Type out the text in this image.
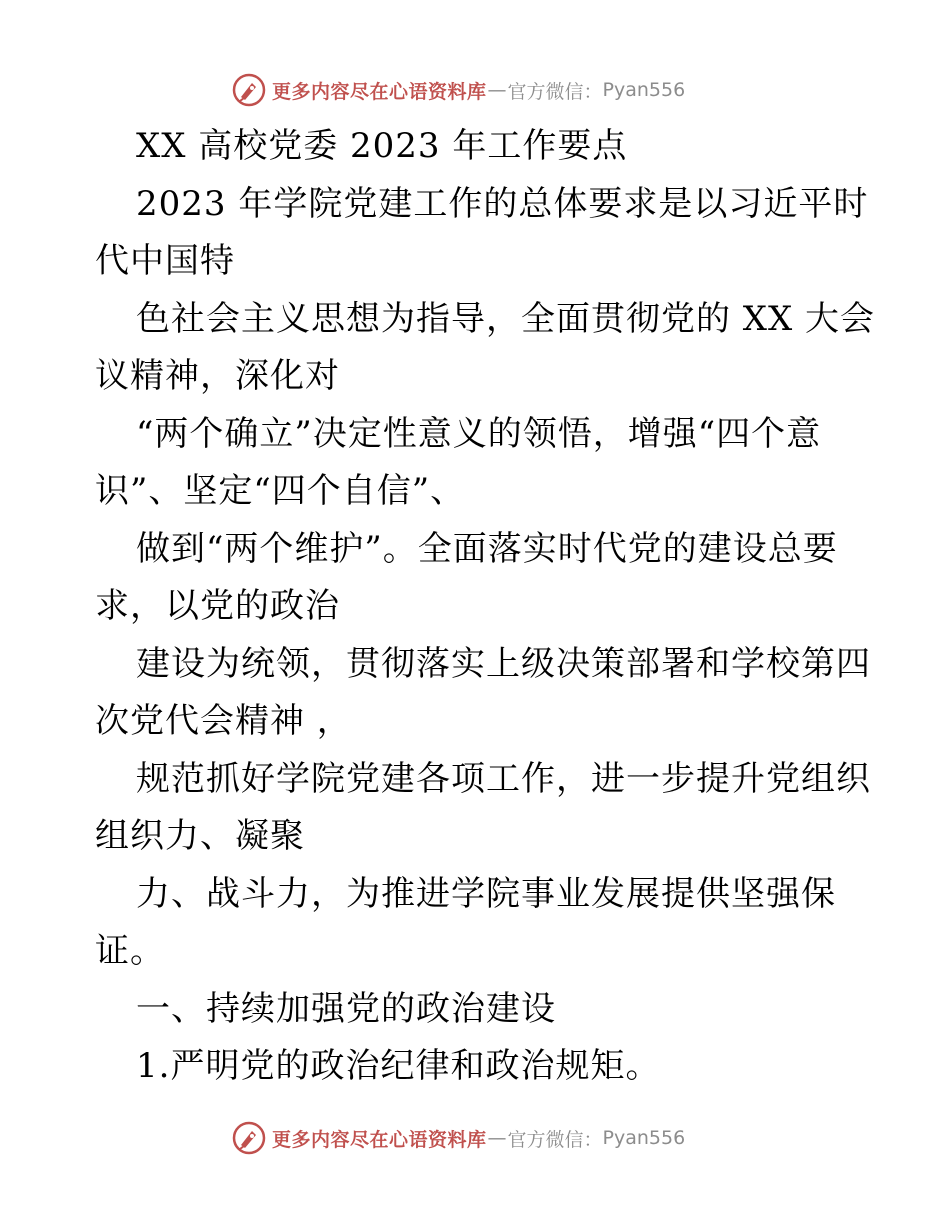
更多内容尽在心语资料库 — 官方微信： Pyan556
XX 高校党委 2023 年工作要点
2023 年学院党建工作的总体要求是以习近平时
代中国特
色社会主义思想为指导，全面贯彻党的 XX 大会
议精神，深化对
“两个确立”决定性意义的领悟，增强“四个意
识”、坚定“四个自信”、
做到“两个维护”。全面落实时代党的建设总要
求，以党的政治
建设为统领，贯彻落实上级决策部署和学校第四
次党代会精神 ，
规范抓好学院党建各项工作，进一步提升党组织
组织力、凝聚
力、战斗力，为推进学院事业发展提供坚强保
证。
一、持续加强党的政治建设
1.严明党的政治纪律和政治规矩。
更多内容尽在心语资料库 — 官方微信： Pyan556
